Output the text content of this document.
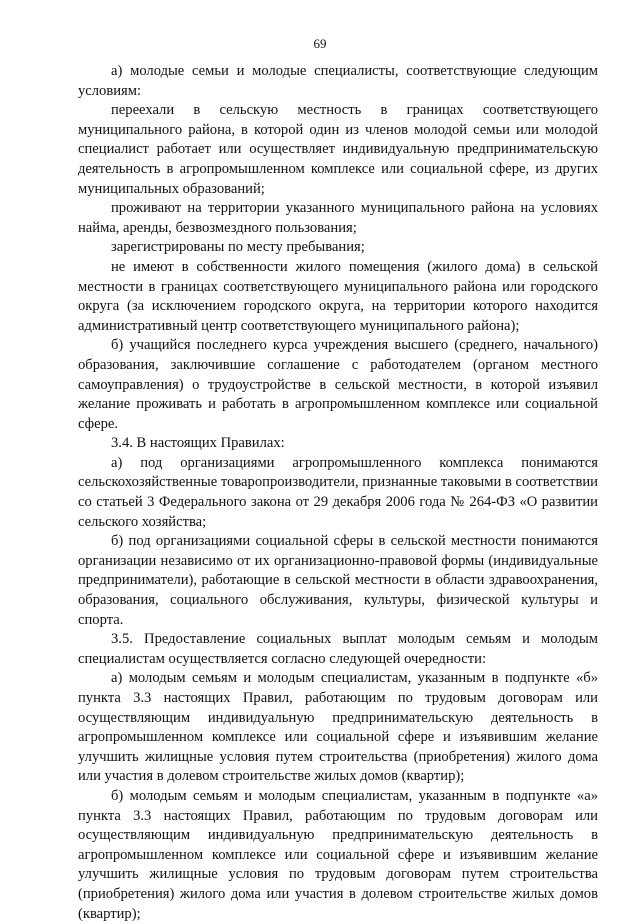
69

а) молодые семьи и молодые специалисты, соответствующие следующим условиям:

переехали в сельскую местность в границах соответствующего муниципального района, в которой один из членов молодой семьи или молодой специалист работает или осуществляет индивидуальную предпринимательскую деятельность в агропромышленном комплексе или социальной сфере, из других муниципальных образований;

проживают на территории указанного муниципального района на условиях найма, аренды, безвозмездного пользования;

зарегистрированы по месту пребывания;

не имеют в собственности жилого помещения (жилого дома) в сельской местности в границах соответствующего муниципального района или городского округа (за исключением городского округа, на территории которого находится административный центр соответствующего муниципального района);

б) учащийся последнего курса учреждения высшего (среднего, начального) образования, заключившие соглашение с работодателем (органом местного самоуправления) о трудоустройстве в сельской местности, в которой изъявил желание проживать и работать в агропромышленном комплексе или социальной сфере.

3.4. В настоящих Правилах:

а) под организациями агропромышленного комплекса понимаются сельскохозяйственные товаропроизводители, признанные таковыми в соответствии со статьей 3 Федерального закона от 29 декабря 2006 года № 264-ФЗ «О развитии сельского хозяйства;

б) под организациями социальной сферы в сельской местности понимаются организации независимо от их организационно-правовой формы (индивидуальные предприниматели), работающие в сельской местности в области здравоохранения, образования, социального обслуживания, культуры, физической культуры и спорта.

3.5. Предоставление социальных выплат молодым семьям и молодым специалистам осуществляется согласно следующей очередности:

а) молодым семьям и молодым специалистам, указанным в подпункте «б» пункта 3.3 настоящих Правил, работающим по трудовым договорам или осуществляющим индивидуальную предпринимательскую деятельность в агропромышленном комплексе или социальной сфере и изъявившим желание улучшить жилищные условия путем строительства (приобретения) жилого дома или участия в долевом строительстве жилых домов (квартир);

б) молодым семьям и молодым специалистам, указанным в подпункте «а» пункта 3.3 настоящих Правил, работающим по трудовым договорам или осуществляющим индивидуальную предпринимательскую деятельность в агропромышленном комплексе или социальной сфере и изъявившим желание улучшить жилищные условия по трудовым договорам путем строительства (приобретения) жилого дома или участия в долевом строительстве жилых домов (квартир);
